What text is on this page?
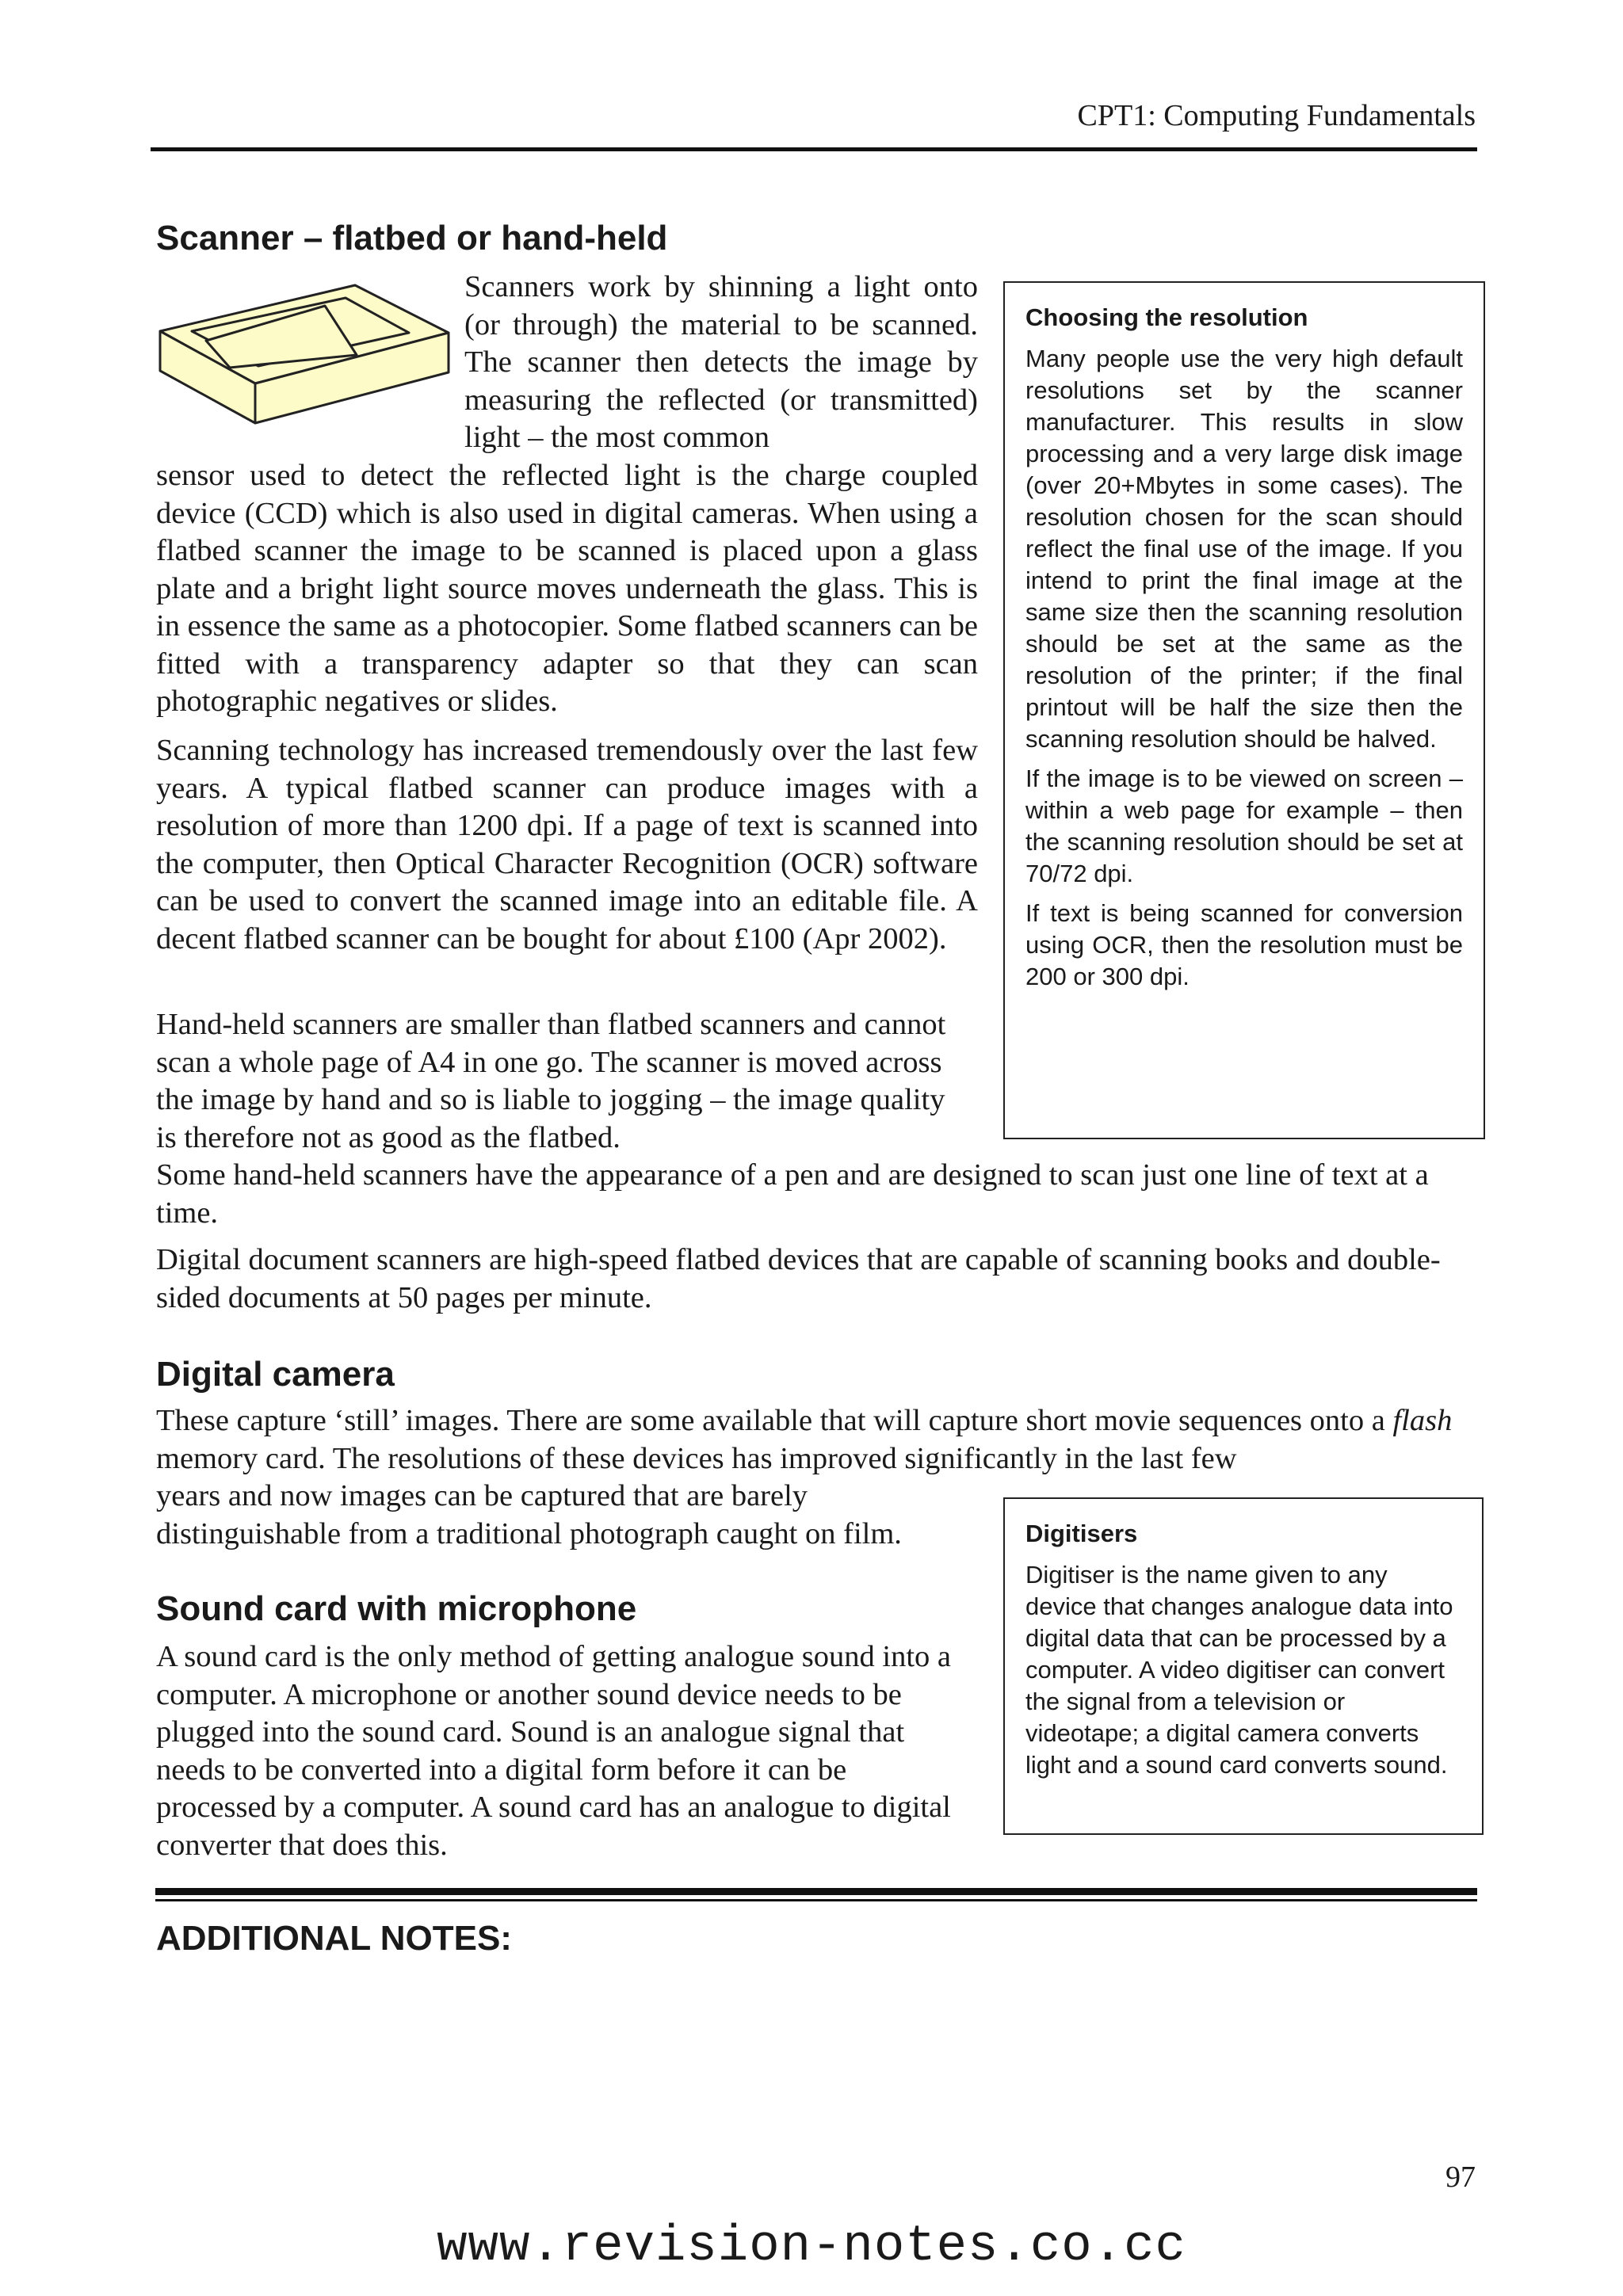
CPT1: Computing Fundamentals
Scanner – flatbed or hand-held

Scanners work by shinning a light onto (or through) the material to be scanned. The scanner then detects the image by measuring the reflected (or transmitted) light – the most common

sensor used to detect the reflected light is the charge coupled device (CCD) which is also used in digital cameras. When using a flatbed scanner the image to be scanned is placed upon a glass plate and a bright light source moves underneath the glass. This is in essence the same as a photocopier. Some flatbed scanners can be fitted with a transparency adapter so that they can scan photographic negatives or slides.

Scanning technology has increased tremendously over the last few years. A typical flatbed scanner can produce images with a resolution of more than 1200 dpi. If a page of text is scanned into the computer, then Optical Character Recognition (OCR) software can be used to convert the scanned image into an editable file. A decent flatbed scanner can be bought for about £100 (Apr 2002).

Hand-held scanners are smaller than flatbed scanners and cannot scan a whole page of A4 in one go. The scanner is moved across the image by hand and so is liable to jogging – the image quality is therefore not as good as the flatbed.

Some hand-held scanners have the appearance of a pen and are designed to scan just one line of text at a time.

Digital document scanners are high-speed flatbed devices that are capable of scanning books and double-sided documents at 50 pages per minute.

Choosing the resolution

Many people use the very high default resolutions set by the scanner manufacturer. This results in slow processing and a very large disk image (over 20+Mbytes in some cases). The resolution chosen for the scan should reflect the final use of the image. If you intend to print the final image at the same size then the scanning resolution should be set at the same as the resolution of the printer; if the final printout will be half the size then the scanning resolution should be halved.

If the image is to be viewed on screen – within a web page for example – then the scanning resolution should be set at 70/72 dpi.

If text is being scanned for conversion using OCR, then the resolution must be 200 or 300 dpi.

Digital camera

These capture ‘still’ images. There are some available that will capture short movie sequences onto a flash memory card. The resolutions of these devices has improved significantly in the last few

years and now images can be captured that are barely distinguishable from a traditional photograph caught on film.

Sound card with microphone

A sound card is the only method of getting analogue sound into a computer. A microphone or another sound device needs to be plugged into the sound card. Sound is an analogue signal that needs to be converted into a digital form before it can be processed by a computer. A sound card has an analogue to digital converter that does this.

Digitisers

Digitiser is the name given to any device that changes analogue data into digital data that can be processed by a computer. A video digitiser can convert the signal from a television or videotape; a digital camera converts light and a sound card converts sound.

ADDITIONAL NOTES:
97
www.revision-notes.co.cc
